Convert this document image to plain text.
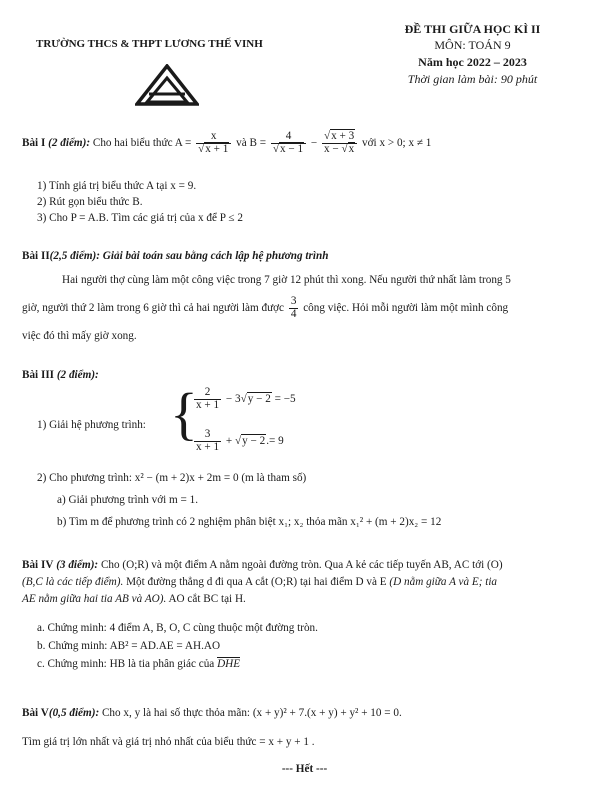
TRƯỜNG THCS & THPT LƯƠNG THẾ VINH
ĐỀ THI GIỮA HỌC KÌ II
MÔN: TOÁN 9
Năm học 2022 – 2023
Thời gian làm bài: 90 phút
Bài I (2 điểm): Cho hai biểu thức $A = \frac{x}{√x + 1}$ và $B = \frac{4}{√x - 1} - \frac{√x + 3}{x - √x}$ với x > 0; x ≠ 1
1) Tính giá trị biểu thức A tại x = 9.
2) Rút gọn biểu thức B.
3) Cho P = A.B. Tìm các giá trị của x để P ≤ 2
Bài II(2,5 điểm): Giải bài toán sau bằng cách lập hệ phương trình
Hai người thợ cùng làm một công việc trong 7 giờ 12 phút thì xong. Nếu người thứ nhất làm trong 5
giờ, người thứ 2 làm trong 6 giờ thì cả hai người làm được $\frac{3}{4}$ công việc. Hỏi mỗi người làm một mình công
việc đó thì mấy giờ xong.
Bài III (2 điểm):
1) Giải hệ phương trình: {
$\frac{2}{x + 1} - 3√y - 2 = -5$
$\frac{3}{x + 1} + √y - 2.= 9$
2) Cho phương trình: x² − (m + 2)x + 2m = 0 (m là tham số)
a) Giải phương trình với m = 1.
b) Tìm m để phương trình có 2 nghiệm phân biệt x₁; x₂ thỏa mãn x₁² + (m + 2)x₂ = 12
Bài IV (3 điểm): Cho (O;R) và một điểm A nằm ngoài đường tròn. Qua A kẻ các tiếp tuyến AB, AC tới (O)
(B,C là các tiếp điểm). Một đường thẳng d đi qua A cắt (O;R) tại hai điểm D và E (D nằm giữa A và E; tia
AE nằm giữa hai tia AB và AO). AO cắt BC tại H.
a. Chứng minh: 4 điểm A, B, O, C cùng thuộc một đường tròn.
b. Chứng minh: AB² = AD.AE = AH.AO
c. Chứng minh: HB là tia phân giác của DHE
Bài V(0,5 điểm): Cho x, y là hai số thực thỏa mãn: (x + y)² + 7.(x + y) + y² + 10 = 0.
Tìm giá trị lớn nhất và giá trị nhỏ nhất của biểu thức = x + y + 1 .
--- Hết ---
